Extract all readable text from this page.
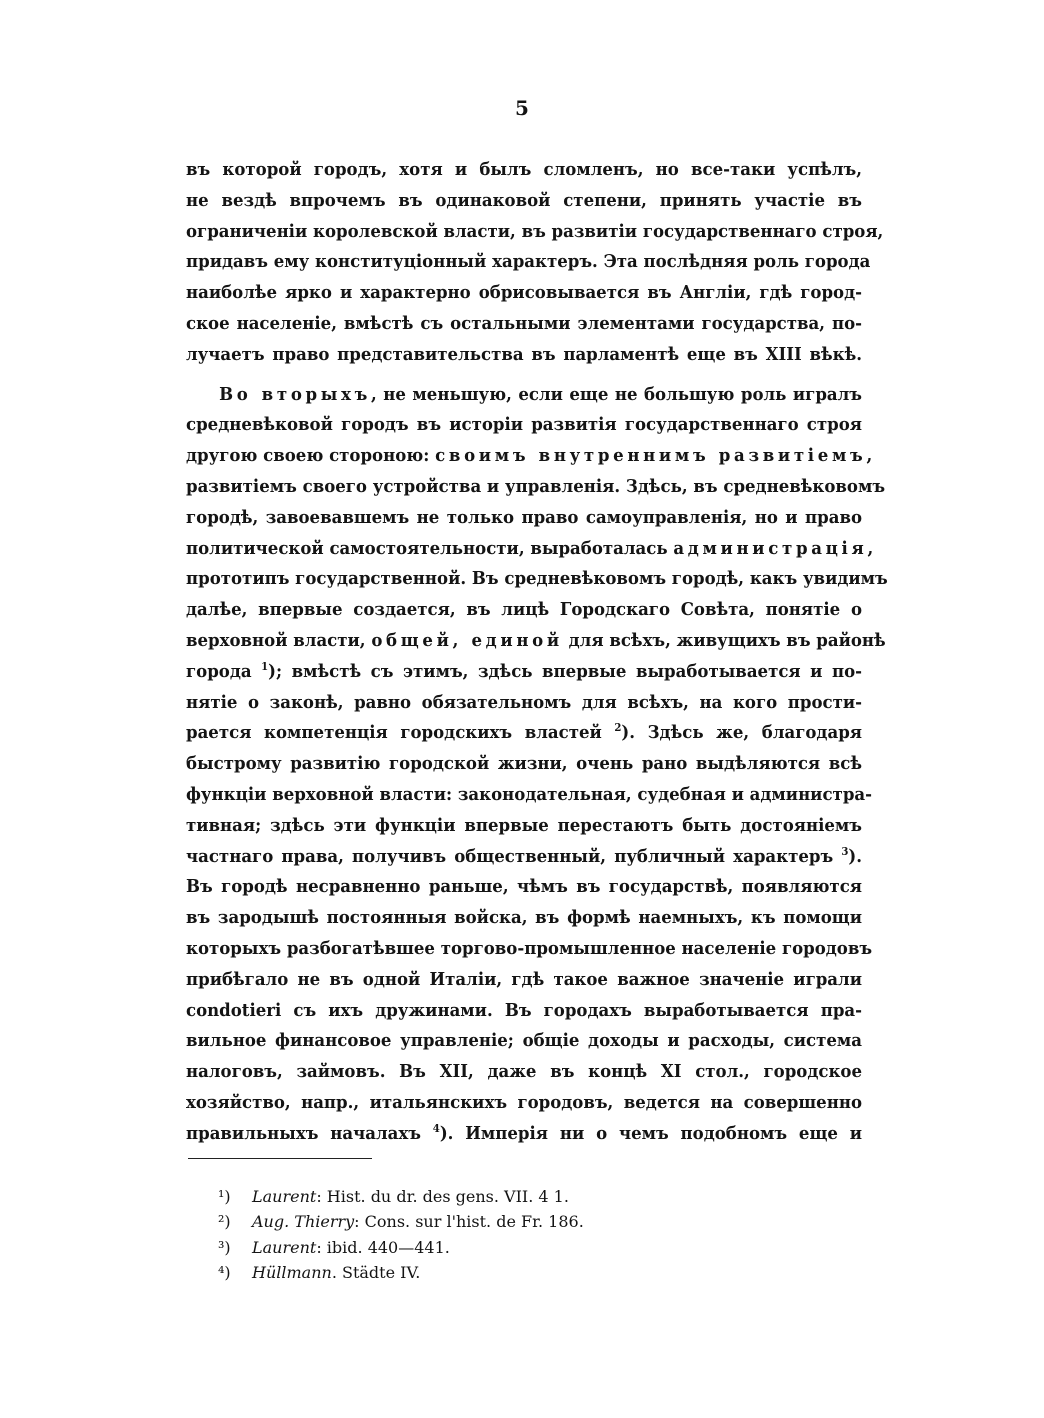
5
въ которой городъ, хотя и былъ сломленъ, но все-таки успѣлъ,
не вездѣ впрочемъ въ одинаковой степени, принять участіе въ
ограниченіи королевской власти, въ развитіи государственнаго строя,
придавъ ему конституціонный характеръ. Эта послѣдняя роль города
наиболѣе ярко и характерно обрисовывается въ Англіи, гдѣ город-
ское населеніе, вмѣстѣ съ остальными элементами государства, по-
лучаетъ право представительства въ парламентѣ еще въ XIII вѣкѣ.
Во вторыхъ, не меньшую, если еще не большую роль игралъ
средневѣковой городъ въ исторіи развитія государственнаго строя
другою своею стороною: своимъ внутреннимъ развитіемъ,
развитіемъ своего устройства и управленія. Здѣсь, въ средневѣковомъ
городѣ, завоевавшемъ не только право самоуправленія, но и право
политической самостоятельности, выработалась администрація,
прототипъ государственной. Въ средневѣковомъ городѣ, какъ увидимъ
далѣе, впервые создается, въ лицѣ Городскаго Совѣта, понятіе о
верховной власти, общей, единой для всѣхъ, живущихъ въ районѣ
города $^1$); вмѣстѣ съ этимъ, здѣсь впервые выработывается и по-
нятіе о законѣ, равно обязательномъ для всѣхъ, на кого прости-
рается компетенція городскихъ властей $^2$). Здѣсь же, благодаря
быстрому развитію городской жизни, очень рано выдѣляются всѣ
функціи верховной власти: законодательная, судебная и администра-
тивная; здѣсь эти функціи впервые перестаютъ быть достояніемъ
частнаго права, получивъ общественный, публичный характеръ $^3$).
Въ городѣ несравненно раньше, чѣмъ въ государствѣ, появляются
въ зародышѣ постоянныя войска, въ формѣ наемныхъ, къ помощи
которыхъ разбогатѣвшее торгово-промышленное населеніе городовъ
прибѣгало не въ одной Италіи, гдѣ такое важное значеніе играли
condotieri съ ихъ дружинами. Въ городахъ выработывается пра-
вильное финансовое управленіе; общіе доходы и расходы, система
налоговъ, займовъ. Въ XII, даже въ концѣ XI стол., городское
хозяйство, напр., итальянскихъ городовъ, ведется на совершенно
правильныхъ началахъ $^4$). Имперія ни о чемъ подобномъ еще и
¹) Laurent: Hist. du dr. des gens. VII. 4 1.
²) Aug. Thierry: Cons. sur l'hist. de Fr. 186.
³) Laurent: ibid. 440—441.
⁴) Hüllmann. Städte IV.
